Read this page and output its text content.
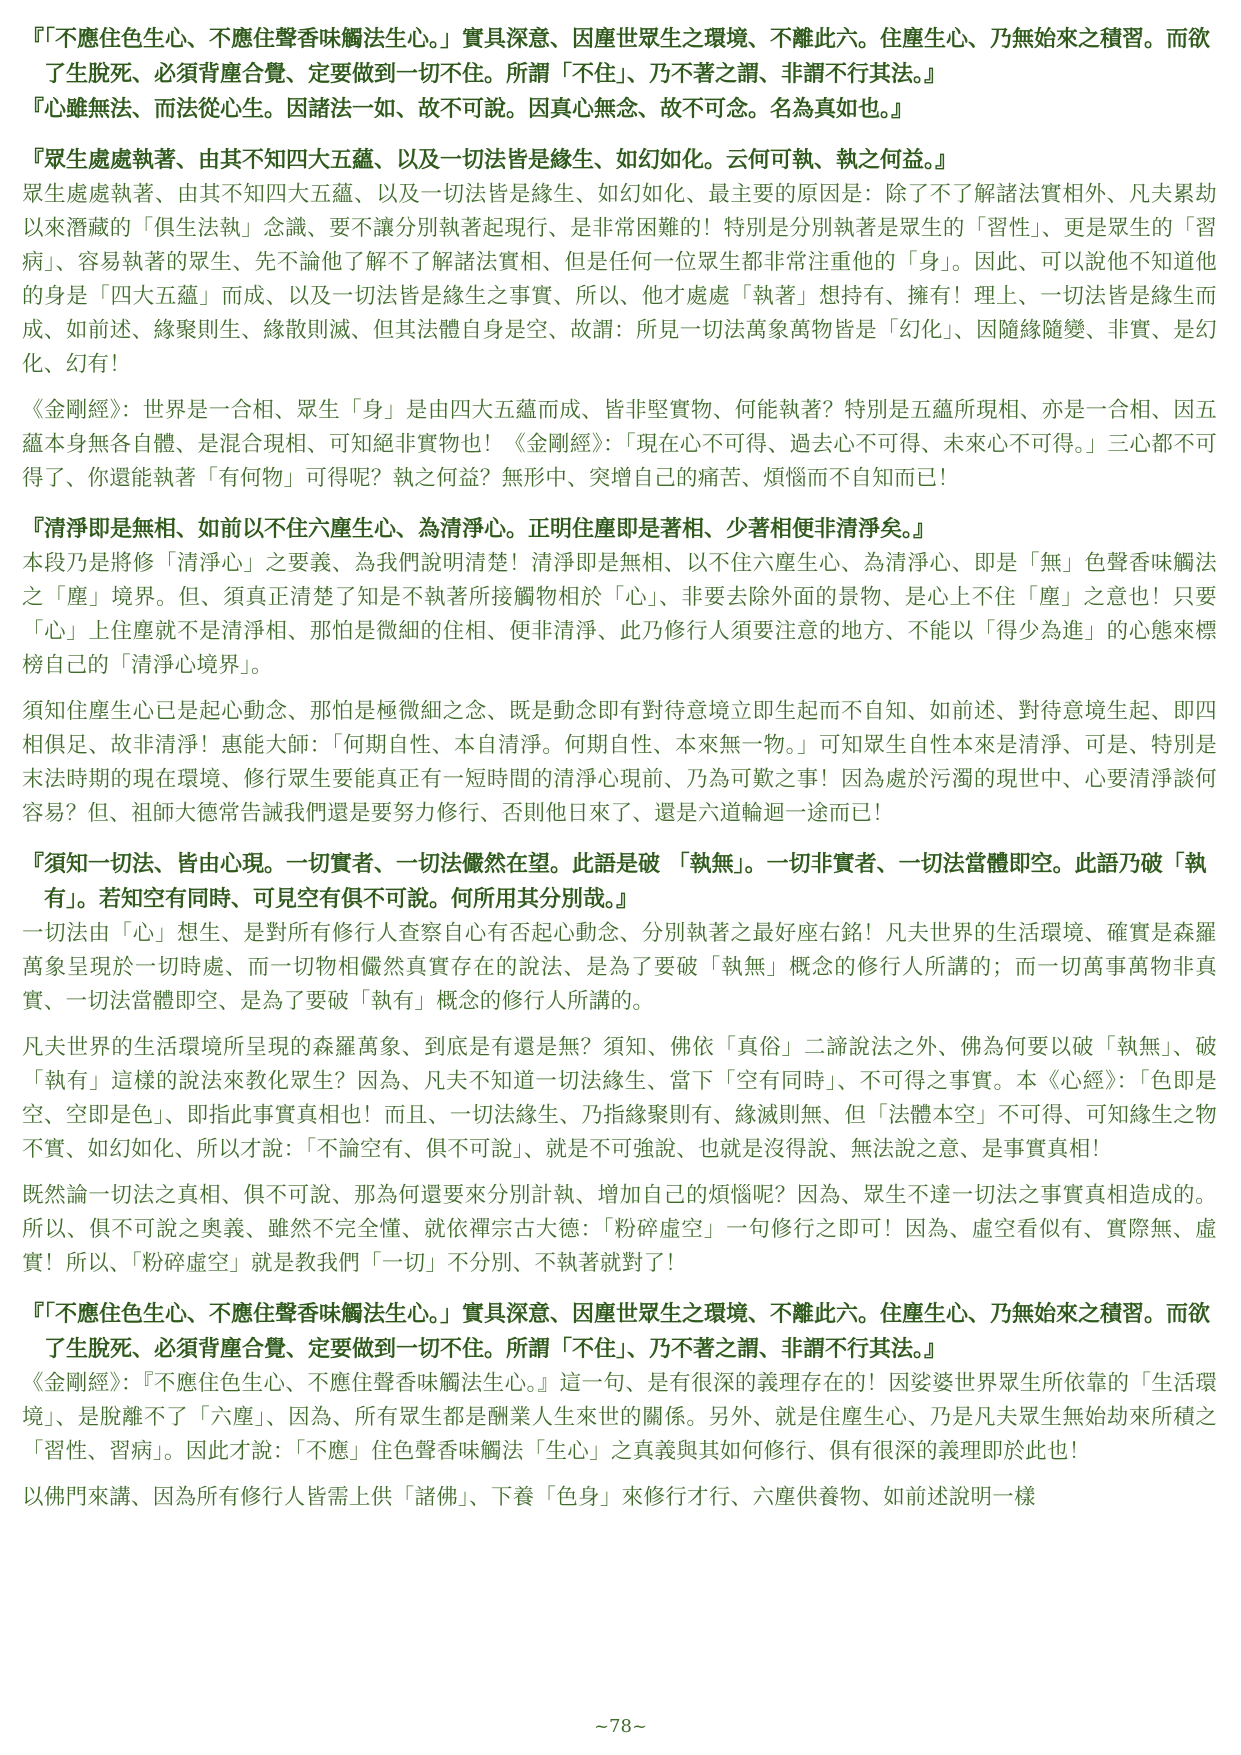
『「不應住色生心、不應住聲香味觸法生心。」實具深意、因塵世眾生之環境、不離此六。住塵生心、乃無始來之積習。而欲了生脫死、必須背塵合覺、定要做到一切不住。所謂「不住」、乃不著之謂、非謂不行其法。』

『心雖無法、而法從心生。因諸法一如、故不可說。因真心無念、故不可念。名為真如也。』

『眾生處處執著、由其不知四大五蘊、以及一切法皆是緣生、如幻如化。云何可執、執之何益。』

眾生處處執著、由其不知四大五蘊、以及一切法皆是緣生、如幻如化、最主要的原因是：除了不了解諸法實相外、凡夫累劫以來潛藏的「俱生法執」念識、要不讓分別執著起現行、是非常困難的！特別是分別執著是眾生的「習性」、更是眾生的「習病」、容易執著的眾生、先不論他了解不了解諸法實相、但是任何一位眾生都非常注重他的「身」。因此、可以說他不知道他的身是「四大五蘊」而成、以及一切法皆是緣生之事實、所以、他才處處「執著」想持有、擁有！理上、一切法皆是緣生而成、如前述、緣聚則生、緣散則滅、但其法體自身是空、故謂：所見一切法萬象萬物皆是「幻化」、因隨緣隨變、非實、是幻化、幻有！

《金剛經》：世界是一合相、眾生「身」是由四大五蘊而成、皆非堅實物、何能執著？特別是五蘊所現相、亦是一合相、因五蘊本身無各自體、是混合現相、可知絕非實物也！《金剛經》：「現在心不可得、過去心不可得、未來心不可得。」三心都不可得了、你還能執著「有何物」可得呢？執之何益？無形中、突增自己的痛苦、煩惱而不自知而已！

『清淨即是無相、如前以不住六塵生心、為清淨心。正明住塵即是著相、少著相便非清淨矣。』

本段乃是將修「清淨心」之要義、為我們說明清楚！清淨即是無相、以不住六塵生心、為清淨心、即是「無」色聲香味觸法之「塵」境界。但、須真正清楚了知是不執著所接觸物相於「心」、非要去除外面的景物、是心上不住「塵」之意也！只要「心」上住塵就不是清淨相、那怕是微細的住相、便非清淨、此乃修行人須要注意的地方、不能以「得少為進」的心態來標榜自己的「清淨心境界」。

須知住塵生心已是起心動念、那怕是極微細之念、既是動念即有對待意境立即生起而不自知、如前述、對待意境生起、即四相俱足、故非清淨！惠能大師：「何期自性、本自清淨。何期自性、本來無一物。」可知眾生自性本來是清淨、可是、特別是末法時期的現在環境、修行眾生要能真正有一短時間的清淨心現前、乃為可歎之事！因為處於污濁的現世中、心要清淨談何容易？但、祖師大德常告誡我們還是要努力修行、否則他日來了、還是六道輪迴一途而已！

『須知一切法、皆由心現。一切實者、一切法儼然在望。此語是破 「執無」。一切非實者、一切法當體即空。此語乃破「執有」。若知空有同時、可見空有俱不可說。何所用其分別哉。』

一切法由「心」想生、是對所有修行人查察自心有否起心動念、分別執著之最好座右銘！凡夫世界的生活環境、確實是森羅萬象呈現於一切時處、而一切物相儼然真實存在的說法、是為了要破「執無」概念的修行人所講的；而一切萬事萬物非真實、一切法當體即空、是為了要破「執有」概念的修行人所講的。

凡夫世界的生活環境所呈現的森羅萬象、到底是有還是無？須知、佛依「真俗」二諦說法之外、佛為何要以破「執無」、破「執有」這樣的說法來教化眾生？因為、凡夫不知道一切法緣生、當下「空有同時」、不可得之事實。本《心經》：「色即是空、空即是色」、即指此事實真相也！而且、一切法緣生、乃指緣聚則有、緣滅則無、但「法體本空」不可得、可知緣生之物不實、如幻如化、所以才說：「不論空有、俱不可說」、就是不可強說、也就是沒得說、無法說之意、是事實真相！

既然論一切法之真相、俱不可說、那為何還要來分別計執、增加自己的煩惱呢？因為、眾生不達一切法之事實真相造成的。所以、俱不可說之奧義、雖然不完全懂、就依禪宗古大德：「粉碎虛空」一句修行之即可！因為、虛空看似有、實際無、虛實！所以、「粉碎虛空」就是教我們「一切」不分別、不執著就對了！

『「不應住色生心、不應住聲香味觸法生心。」實具深意、因塵世眾生之環境、不離此六。住塵生心、乃無始來之積習。而欲了生脫死、必須背塵合覺、定要做到一切不住。所謂「不住」、乃不著之謂、非謂不行其法。』

《金剛經》：『不應住色生心、不應住聲香味觸法生心。』這一句、是有很深的義理存在的！因娑婆世界眾生所依靠的「生活環境」、是脫離不了「六塵」、因為、所有眾生都是酬業人生來世的關係。另外、就是住塵生心、乃是凡夫眾生無始劫來所積之「習性、習病」。因此才說：「不應」住色聲香味觸法「生心」之真義與其如何修行、俱有很深的義理即於此也！

以佛門來講、因為所有修行人皆需上供「諸佛」、下養「色身」來修行才行、六塵供養物、如前述說明一樣

~78~
